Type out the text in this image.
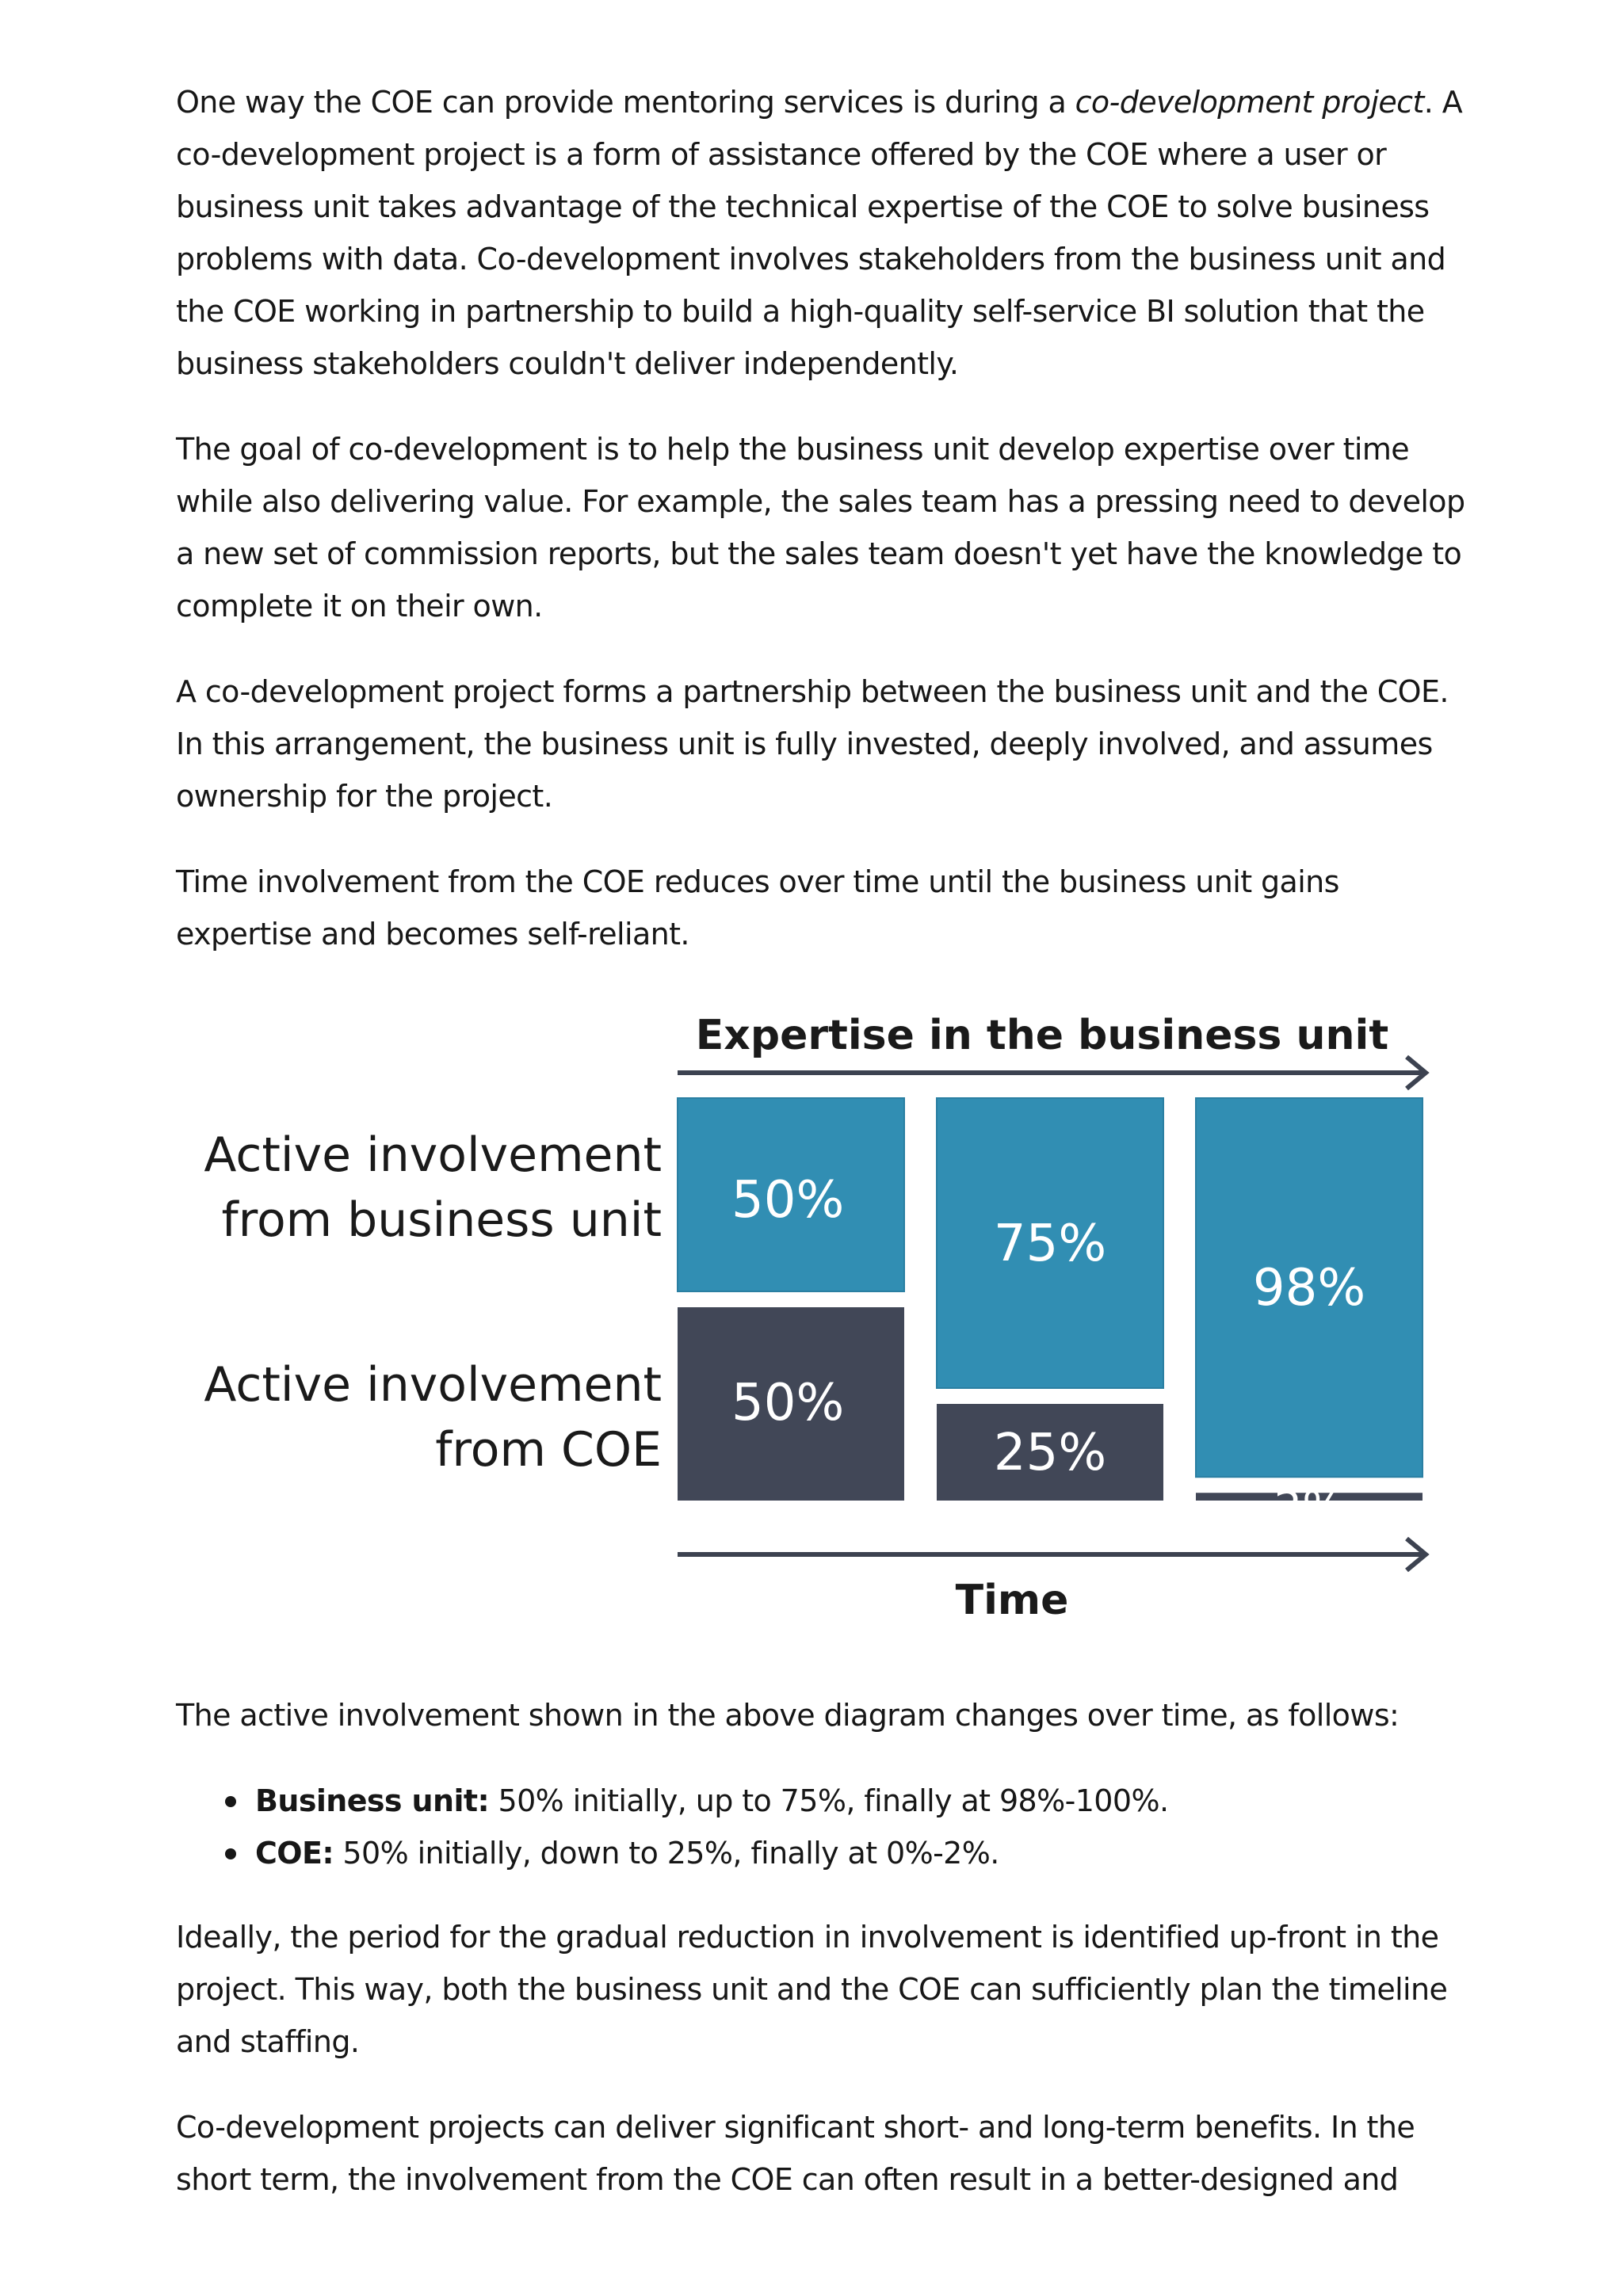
One way the COE can provide mentoring services is during a co-development project. A co-development project is a form of assistance offered by the COE where a user or business unit takes advantage of the technical expertise of the COE to solve business problems with data. Co-development involves stakeholders from the business unit and the COE working in partnership to build a high-quality self-service BI solution that the business stakeholders couldn't deliver independently.

The goal of co-development is to help the business unit develop expertise over time while also delivering value. For example, the sales team has a pressing need to develop a new set of commission reports, but the sales team doesn't yet have the knowledge to complete it on their own.

A co-development project forms a partnership between the business unit and the COE. In this arrangement, the business unit is fully invested, deeply involved, and assumes ownership for the project.

Time involvement from the COE reduces over time until the business unit gains expertise and becomes self-reliant.

Expertise in the business unit
Active involvement
from business unit
Active involvement
from COE
50%
50%
75%
25%
98%
2%
Time

The active involvement shown in the above diagram changes over time, as follows:

Business unit: 50% initially, up to 75%, finally at 98%-100%.
COE: 50% initially, down to 25%, finally at 0%-2%.

Ideally, the period for the gradual reduction in involvement is identified up-front in the project. This way, both the business unit and the COE can sufficiently plan the timeline and staffing.

Co-development projects can deliver significant short- and long-term benefits. In the short term, the involvement from the COE can often result in a better-designed and
